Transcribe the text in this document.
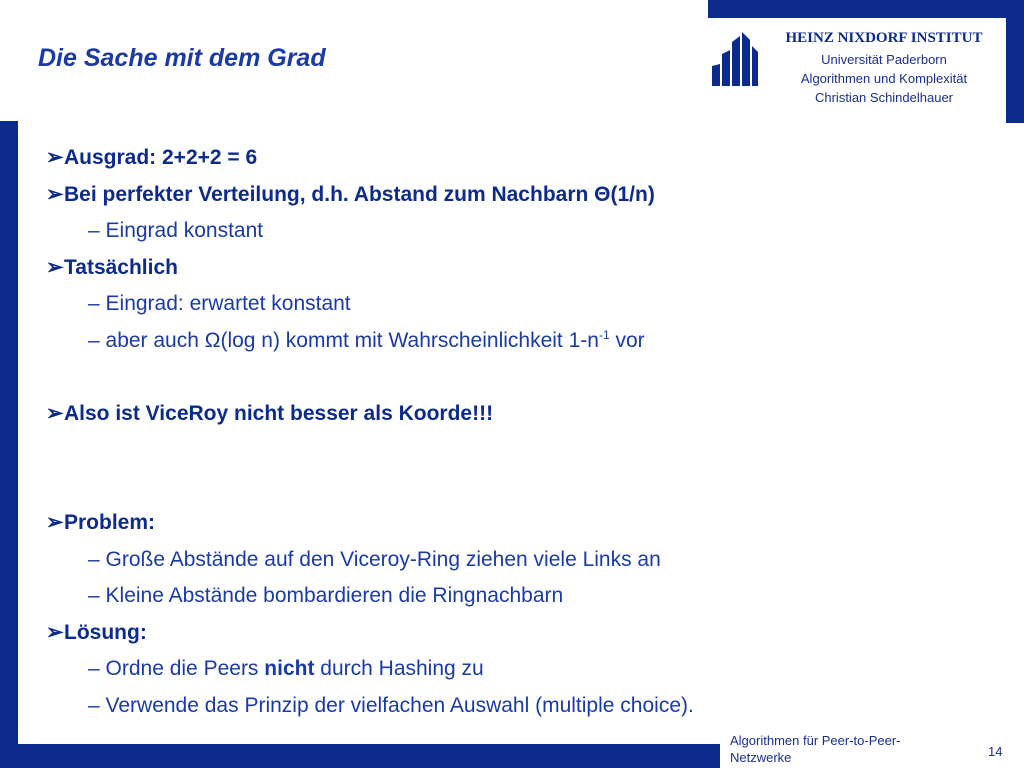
Die Sache mit dem Grad
HEINZ NIXDORF INSTITUT
Universität Paderborn
Algorithmen und Komplexität
Christian Schindelhauer
➢Ausgrad: 2+2+2 = 6
➢Bei perfekter Verteilung, d.h. Abstand zum Nachbarn Θ(1/n)
– Eingrad konstant
➢Tatsächlich
– Eingrad: erwartet konstant
– aber auch Ω(log n) kommt mit Wahrscheinlichkeit $1-n^{-1}$ vor
➢Also ist ViceRoy nicht besser als Koorde!!!
➢Problem:
– Große Abstände auf den Viceroy-Ring ziehen viele Links an
– Kleine Abstände bombardieren die Ringnachbarn
➢Lösung:
– Ordne die Peers nicht durch Hashing zu
– Verwende das Prinzip der vielfachen Auswahl (multiple choice).
Algorithmen für Peer-to-Peer-Netzwerke	14
